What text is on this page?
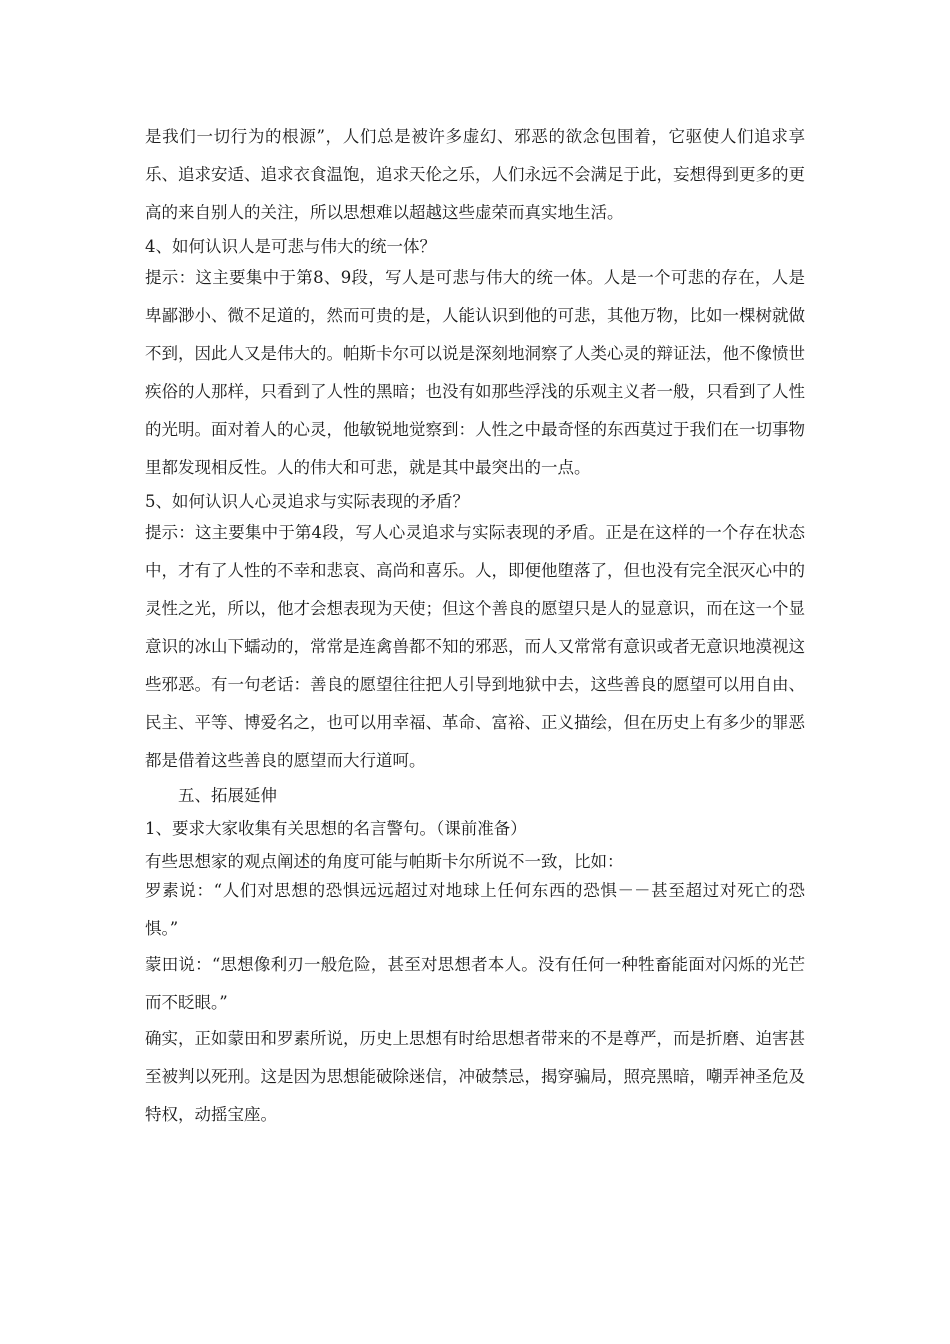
是我们一切行为的根源”，人们总是被许多虚幻、邪恶的欲念包围着，它驱使人们追求享乐、追求安适、追求衣食温饱，追求天伦之乐，人们永远不会满足于此，妄想得到更多的更高的来自别人的关注，所以思想难以超越这些虚荣而真实地生活。

4、如何认识人是可悲与伟大的统一体？

提示：这主要集中于第8、9段，写人是可悲与伟大的统一体。人是一个可悲的存在，人是卑鄙渺小、微不足道的，然而可贵的是，人能认识到他的可悲，其他万物，比如一棵树就做不到，因此人又是伟大的。帕斯卡尔可以说是深刻地洞察了人类心灵的辩证法，他不像愤世疾俗的人那样，只看到了人性的黑暗；也没有如那些浮浅的乐观主义者一般，只看到了人性的光明。面对着人的心灵，他敏锐地觉察到：人性之中最奇怪的东西莫过于我们在一切事物里都发现相反性。人的伟大和可悲，就是其中最突出的一点。

5、如何认识人心灵追求与实际表现的矛盾？

提示：这主要集中于第4段，写人心灵追求与实际表现的矛盾。正是在这样的一个存在状态中，才有了人性的不幸和悲哀、高尚和喜乐。人，即便他堕落了，但也没有完全泯灭心中的灵性之光，所以，他才会想表现为天使；但这个善良的愿望只是人的显意识，而在这一个显意识的冰山下蠕动的，常常是连禽兽都不知的邪恶，而人又常常有意识或者无意识地漠视这些邪恶。有一句老话：善良的愿望往往把人引导到地狱中去，这些善良的愿望可以用自由、民主、平等、博爱名之，也可以用幸福、革命、富裕、正义描绘，但在历史上有多少的罪恶都是借着这些善良的愿望而大行道呵。

五、拓展延伸

1、要求大家收集有关思想的名言警句。（课前准备）

有些思想家的观点阐述的角度可能与帕斯卡尔所说不一致，比如：

罗素说：“人们对思想的恐惧远远超过对地球上任何东西的恐惧－－甚至超过对死亡的恐惧。”

蒙田说：“思想像利刃一般危险，甚至对思想者本人。没有任何一种牲畜能面对闪烁的光芒而不眨眼。”

确实，正如蒙田和罗素所说，历史上思想有时给思想者带来的不是尊严，而是折磨、迫害甚至被判以死刑。这是因为思想能破除迷信，冲破禁忌，揭穿骗局，照亮黑暗，嘲弄神圣危及特权，动摇宝座。
